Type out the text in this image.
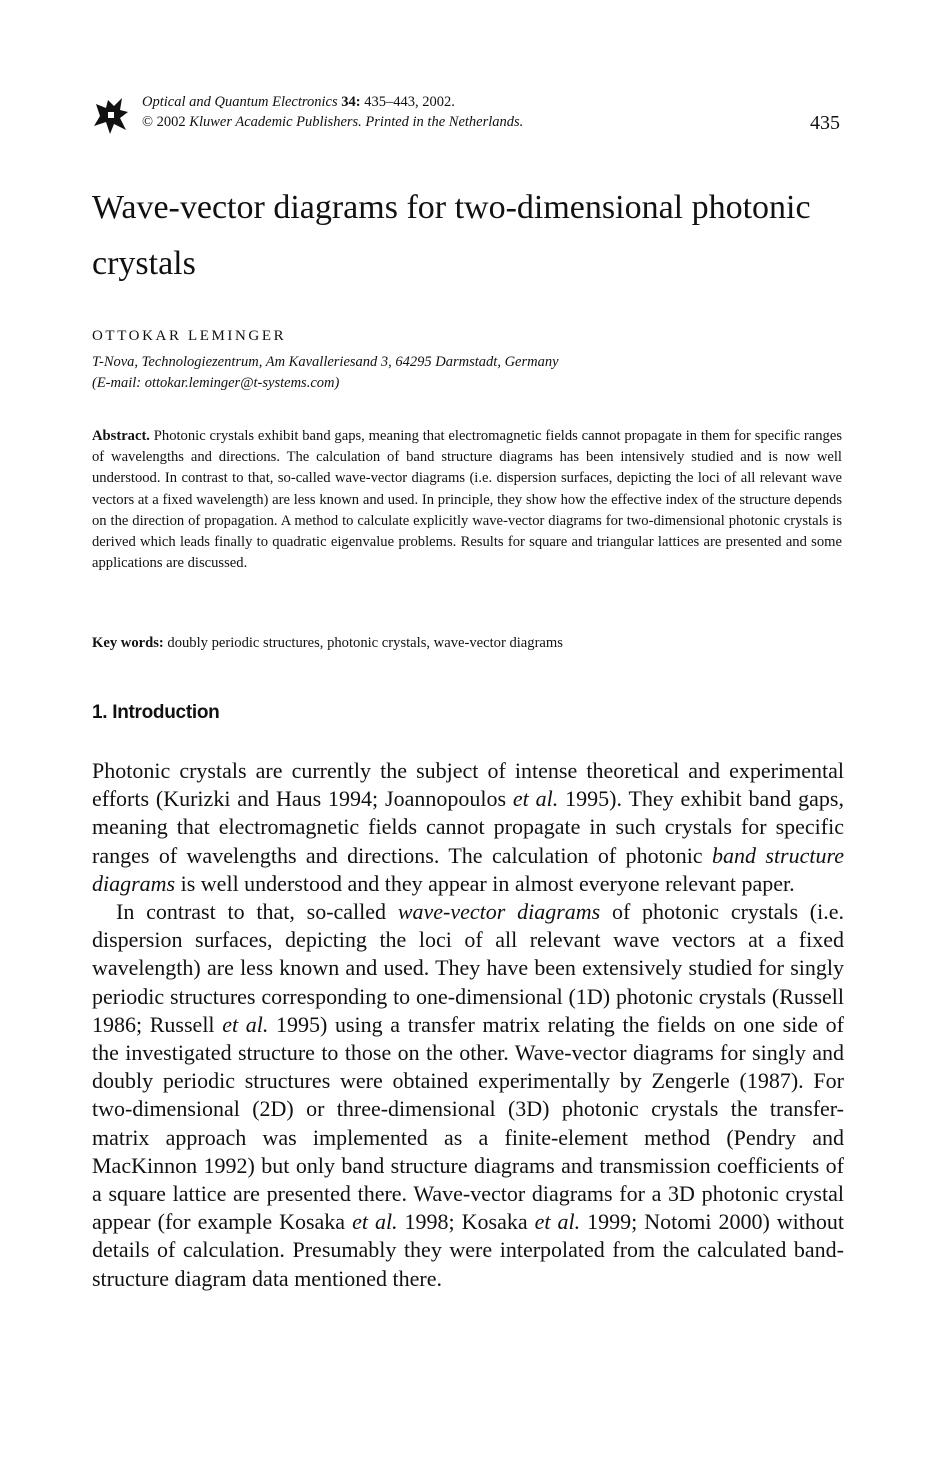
Optical and Quantum Electronics 34: 435–443, 2002.
© 2002 Kluwer Academic Publishers. Printed in the Netherlands.	435
Wave-vector diagrams for two-dimensional photonic crystals
OTTOKAR LEMINGER
T-Nova, Technologiezentrum, Am Kavalleriesand 3, 64295 Darmstadt, Germany
(E-mail: ottokar.leminger@t-systems.com)
Abstract. Photonic crystals exhibit band gaps, meaning that electromagnetic fields cannot propagate in them for specific ranges of wavelengths and directions. The calculation of band structure diagrams has been intensively studied and is now well understood. In contrast to that, so-called wave-vector diagrams (i.e. dispersion surfaces, depicting the loci of all relevant wave vectors at a fixed wavelength) are less known and used. In principle, they show how the effective index of the structure depends on the direction of propagation. A method to calculate explicitly wave-vector diagrams for two-dimensional photonic crystals is derived which leads finally to quadratic eigenvalue problems. Results for square and triangular lattices are presented and some applications are discussed.
Key words: doubly periodic structures, photonic crystals, wave-vector diagrams
1. Introduction

Photonic crystals are currently the subject of intense theoretical and experimental efforts (Kurizki and Haus 1994; Joannopoulos et al. 1995). They exhibit band gaps, meaning that electromagnetic fields cannot propagate in such crystals for specific ranges of wavelengths and directions. The calculation of photonic band structure diagrams is well understood and they appear in almost everyone relevant paper.

In contrast to that, so-called wave-vector diagrams of photonic crystals (i.e. dispersion surfaces, depicting the loci of all relevant wave vectors at a fixed wavelength) are less known and used. They have been extensively studied for singly periodic structures corresponding to one-dimensional (1D) photonic crystals (Russell 1986; Russell et al. 1995) using a transfer matrix relating the fields on one side of the investigated structure to those on the other. Wave-vector diagrams for singly and doubly periodic structures were obtained experimentally by Zengerle (1987). For two-dimensional (2D) or three-dimensional (3D) photonic crystals the transfer-matrix approach was implemented as a finite-element method (Pendry and MacKinnon 1992) but only band structure diagrams and transmission coefficients of a square lattice are presented there. Wave-vector diagrams for a 3D photonic crystal appear (for example Kosaka et al. 1998; Kosaka et al. 1999; Notomi 2000) without details of calculation. Presumably they were interpolated from the calculated band-structure diagram data mentioned there.
